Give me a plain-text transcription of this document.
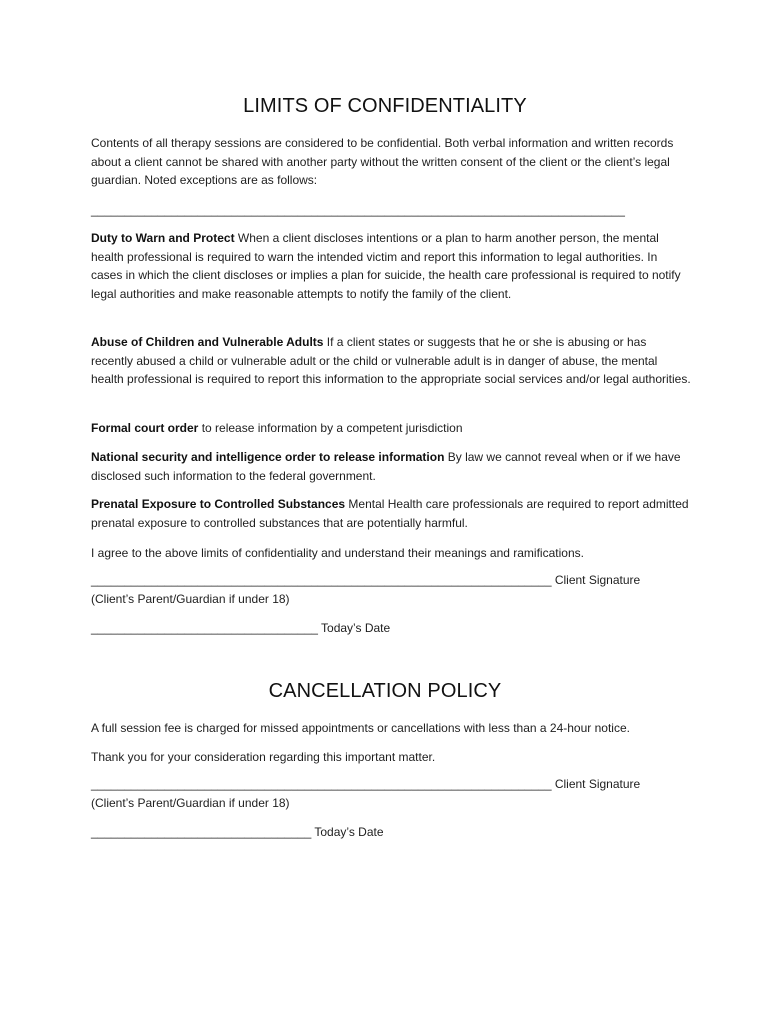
LIMITS OF CONFIDENTIALITY
Contents of all therapy sessions are considered to be confidential. Both verbal information and written records about a client cannot be shared with another party without the written consent of the client or the client’s legal guardian. Noted exceptions are as follows:
________________________________________________________________________________
Duty to Warn and Protect When a client discloses intentions or a plan to harm another person, the mental health professional is required to warn the intended victim and report this information to legal authorities. In cases in which the client discloses or implies a plan for suicide, the health care professional is required to notify legal authorities and make reasonable attempts to notify the family of the client.
Abuse of Children and Vulnerable Adults If a client states or suggests that he or she is abusing or has recently abused a child or vulnerable adult or the child or vulnerable adult is in danger of abuse, the mental health professional is required to report this information to the appropriate social services and/or legal authorities.
Formal court order to release information by a competent jurisdiction
National security and intelligence order to release information By law we cannot reveal when or if we have disclosed such information to the federal government.
Prenatal Exposure to Controlled Substances Mental Health care professionals are required to report admitted prenatal exposure to controlled substances that are potentially harmful.
I agree to the above limits of confidentiality and understand their meanings and ramifications.
_____________________________________________________________________ Client Signature
(Client’s Parent/Guardian if under 18)
__________________________________ Today’s Date
CANCELLATION POLICY
A full session fee is charged for missed appointments or cancellations with less than a 24-hour notice.
Thank you for your consideration regarding this important matter.
_____________________________________________________________________ Client Signature
(Client’s Parent/Guardian if under 18)
_________________________________ Today’s Date
